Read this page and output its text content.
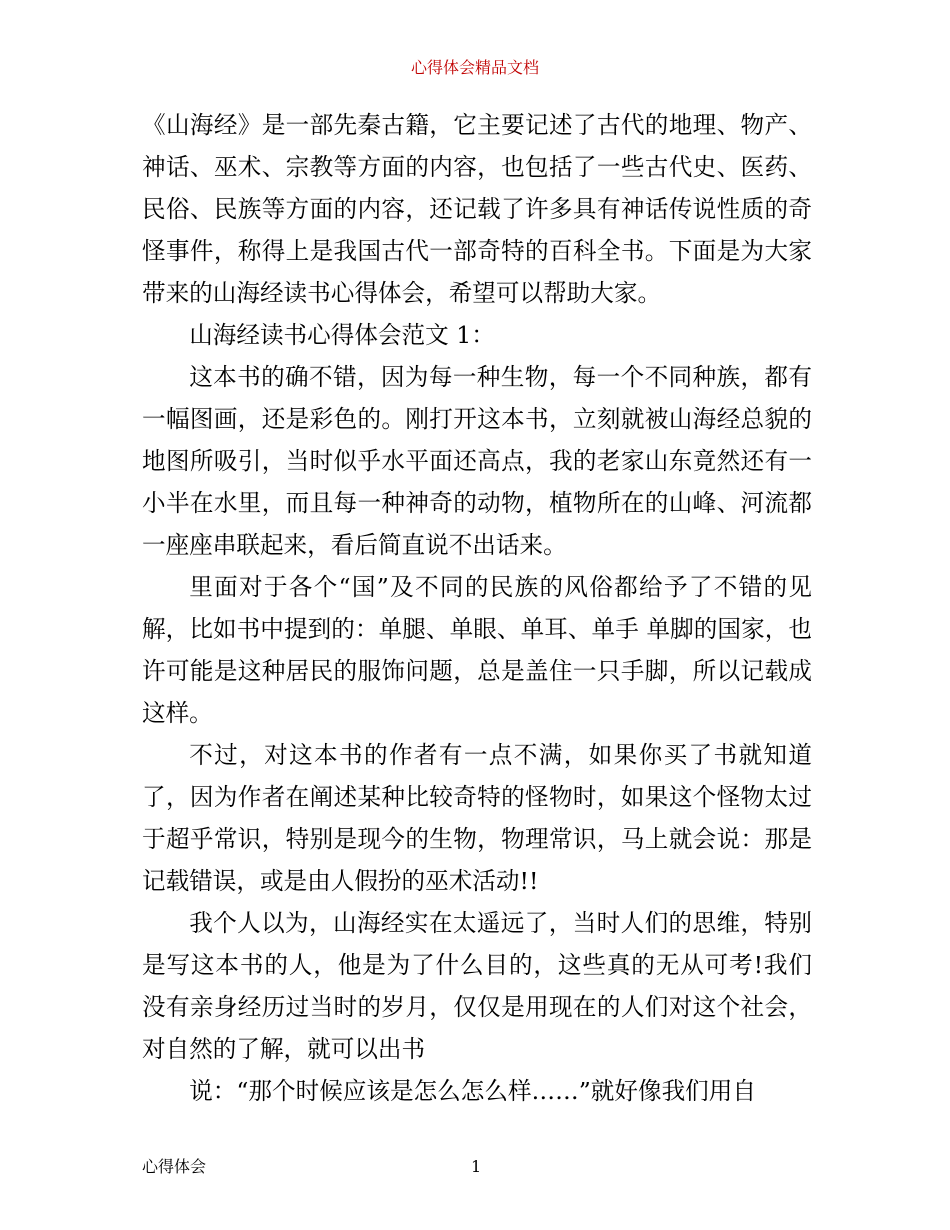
心得体会精品文档

《山海经》是一部先秦古籍，它主要记述了古代的地理、物产、神话、巫术、宗教等方面的内容，也包括了一些古代史、医药、民俗、民族等方面的内容，还记载了许多具有神话传说性质的奇怪事件，称得上是我国古代一部奇特的百科全书。下面是为大家带来的山海经读书心得体会，希望可以帮助大家。

山海经读书心得体会范文 1：

这本书的确不错，因为每一种生物，每一个不同种族，都有一幅图画，还是彩色的。刚打开这本书，立刻就被山海经总貌的地图所吸引，当时似乎水平面还高点，我的老家山东竟然还有一小半在水里，而且每一种神奇的动物，植物所在的山峰、河流都一座座串联起来，看后简直说不出话来。

里面对于各个“国”及不同的民族的风俗都给予了不错的见解，比如书中提到的：单腿、单眼、单耳、单手 单脚的国家，也许可能是这种居民的服饰问题，总是盖住一只手脚，所以记载成这样。

不过，对这本书的作者有一点不满，如果你买了书就知道了，因为作者在阐述某种比较奇特的怪物时，如果这个怪物太过于超乎常识，特别是现今的生物，物理常识，马上就会说：那是记载错误，或是由人假扮的巫术活动!!

我个人以为，山海经实在太遥远了，当时人们的思维，特别是写这本书的人，他是为了什么目的，这些真的无从可考!我们没有亲身经历过当时的岁月，仅仅是用现在的人们对这个社会，对自然的了解，就可以出书

说：“那个时候应该是怎么怎么样……”就好像我们用自

心得体会	1
